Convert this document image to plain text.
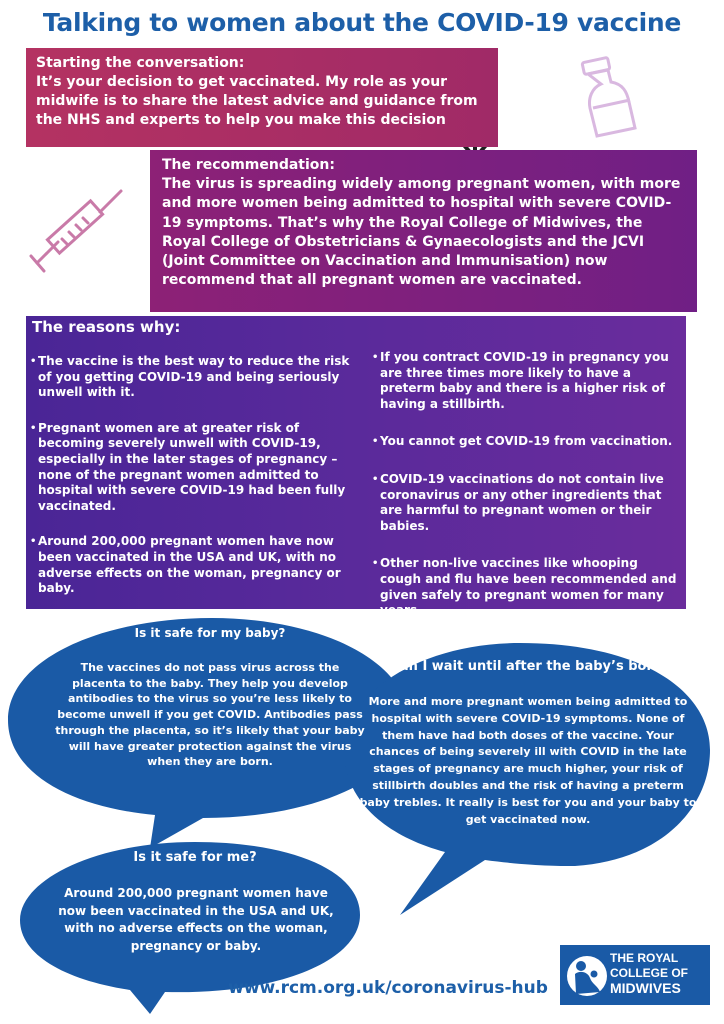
Talking to women about the COVID-19 vaccine
Starting the conversation:
It’s your decision to get vaccinated. My role as your midwife is to share the latest advice and guidance from the NHS and experts to help you make this decision
The recommendation:
The virus is spreading widely among pregnant women, with more and more women being admitted to hospital with severe COVID-19 symptoms. That’s why the Royal College of Midwives, the Royal College of Obstetricians & Gynaecologists and the JCVI (Joint Committee on Vaccination and Immunisation) now recommend that all pregnant women are vaccinated.
The reasons why:
• The vaccine is the best way to reduce the risk of you getting COVID-19 and being seriously unwell with it.
• Pregnant women are at greater risk of becoming severely unwell with COVID-19, especially in the later stages of pregnancy – none of the pregnant women admitted to hospital with severe COVID-19 had been fully vaccinated.
• Around 200,000 pregnant women have now been vaccinated in the USA and UK, with no adverse effects on the woman, pregnancy or baby.
• If you contract COVID-19 in pregnancy you are three times more likely to have a preterm baby and there is a higher risk of having a stillbirth.
• You cannot get COVID-19 from vaccination.
• COVID-19 vaccinations do not contain live coronavirus or any other ingredients that are harmful to pregnant women or their babies.
• Other non-live vaccines like whooping cough and flu have been recommended and given safely to pregnant women for many years.
Is it safe for my baby?
The vaccines do not pass virus across the placenta to the baby. They help you develop antibodies to the virus so you’re less likely to become unwell if you get COVID. Antibodies pass through the placenta, so it’s likely that your baby will have greater protection against the virus when they are born.
Can I wait until after the baby’s born?
More and more pregnant women being admitted to hospital with severe COVID-19 symptoms. None of them have had both doses of the vaccine. Your chances of being severely ill with COVID in the late stages of pregnancy are much higher, your risk of stillbirth doubles and the risk of having a preterm baby trebles. It really is best for you and your baby to get vaccinated now.
Is it safe for me?
Around 200,000 pregnant women have now been vaccinated in the USA and UK, with no adverse effects on the woman, pregnancy or baby.
www.rcm.org.uk/coronavirus-hub
THE ROYAL
COLLEGE OF
MIDWIVES
